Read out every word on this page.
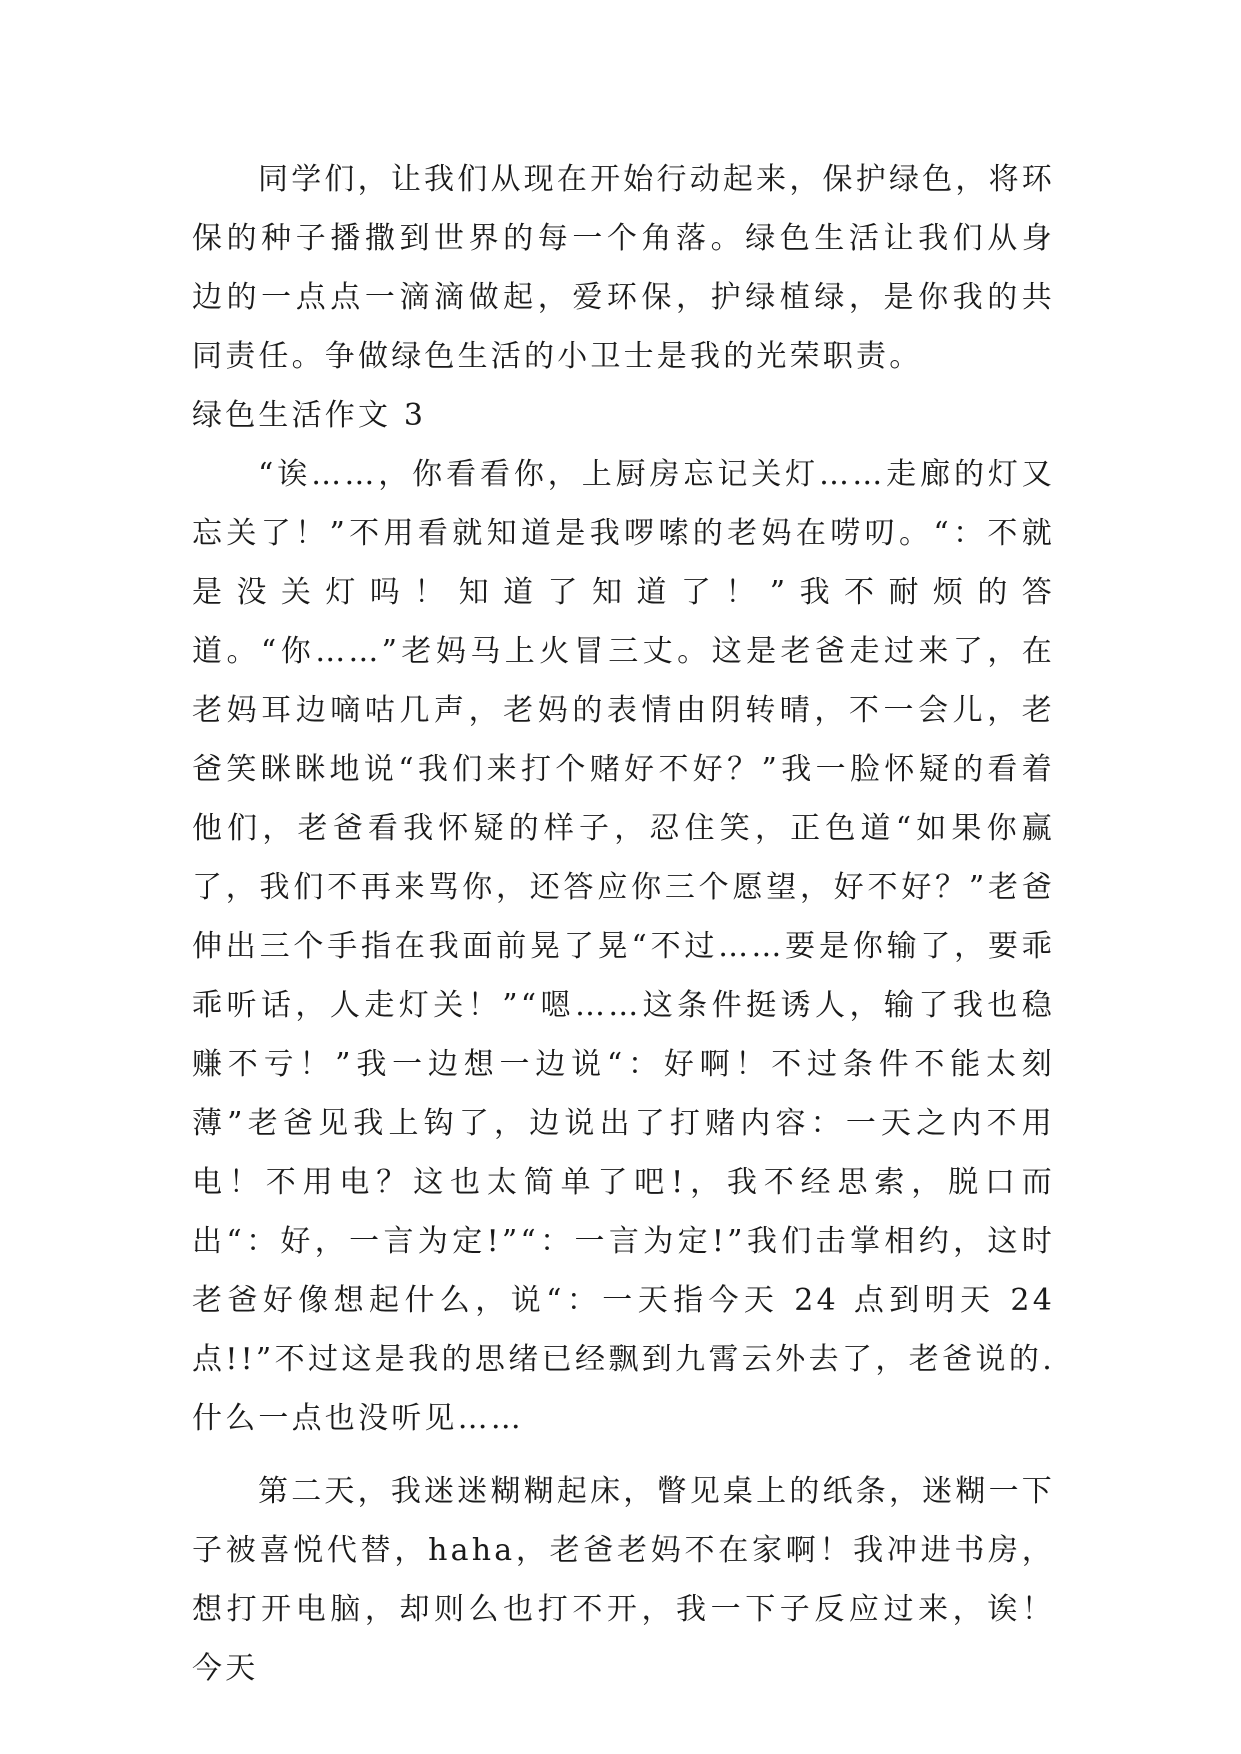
同学们，让我们从现在开始行动起来，保护绿色，将环保的种子播撒到世界的每一个角落。绿色生活让我们从身边的一点点一滴滴做起，爱环保，护绿植绿，是你我的共同责任。争做绿色生活的小卫士是我的光荣职责。

绿色生活作文 3

“诶……，你看看你，上厨房忘记关灯……走廊的灯又忘关了！”不用看就知道是我啰嗦的老妈在唠叨。“：不就是没关灯吗！知道了知道了！”我不耐烦的答道。“你……”老妈马上火冒三丈。这是老爸走过来了，在老妈耳边嘀咕几声，老妈的表情由阴转晴，不一会儿，老爸笑眯眯地说“我们来打个赌好不好？”我一脸怀疑的看着他们，老爸看我怀疑的样子，忍住笑，正色道“如果你赢了，我们不再来骂你，还答应你三个愿望，好不好？”老爸伸出三个手指在我面前晃了晃“不过……要是你输了，要乖乖听话，人走灯关！”“嗯……这条件挺诱人，输了我也稳赚不亏！”我一边想一边说“：好啊！不过条件不能太刻薄”老爸见我上钩了，边说出了打赌内容：一天之内不用电！不用电？这也太简单了吧!，我不经思索，脱口而出“：好，一言为定!”“：一言为定!”我们击掌相约，这时老爸好像想起什么，说“：一天指今天 24 点到明天 24 点!!”不过这是我的思绪已经飘到九霄云外去了，老爸说的.什么一点也没听见……

第二天，我迷迷糊糊起床，瞥见桌上的纸条，迷糊一下子被喜悦代替，haha，老爸老妈不在家啊！我冲进书房，想打开电脑，却则么也打不开，我一下子反应过来，诶！今天
